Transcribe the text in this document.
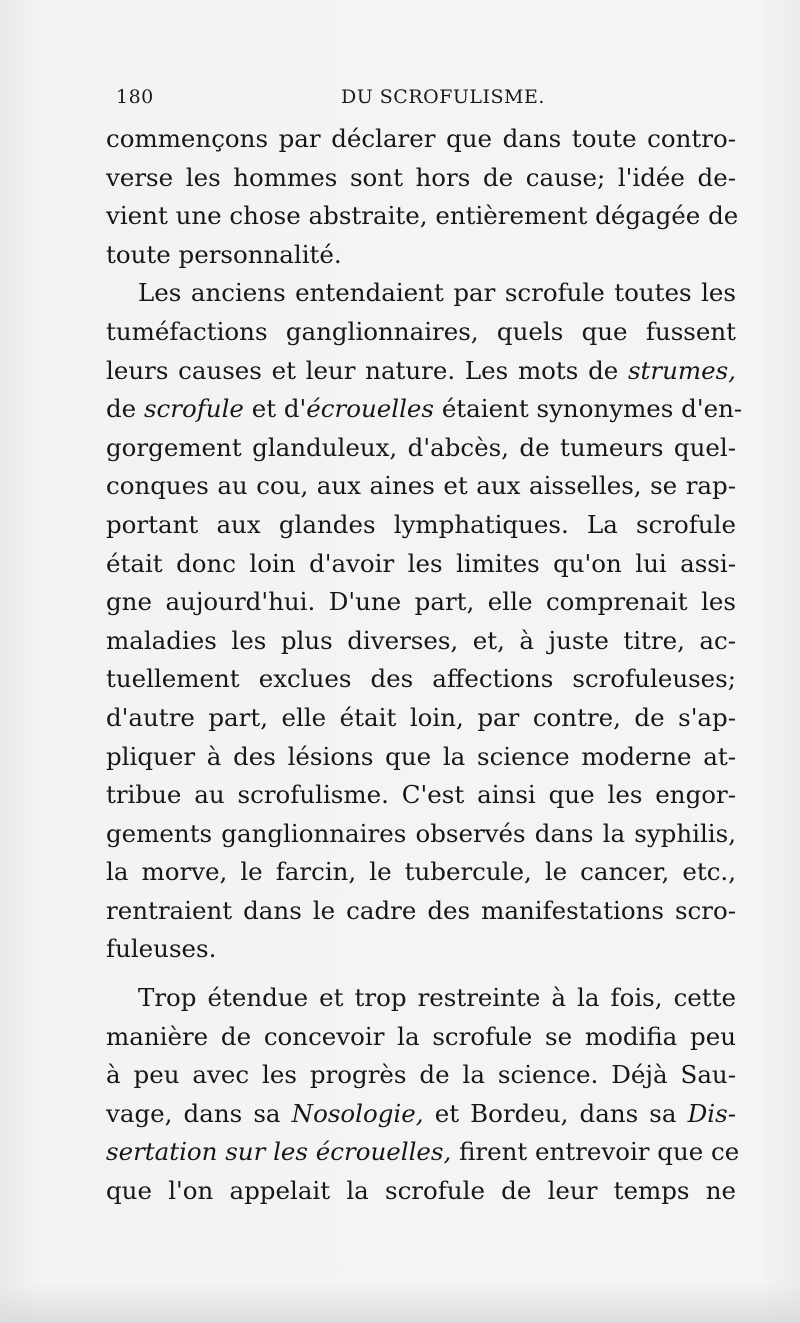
180	DU SCROFULISME.
commençons par déclarer que dans toute contro-
verse les hommes sont hors de cause; l'idée de-
vient une chose abstraite, entièrement dégagée de
toute personnalité.
Les anciens entendaient par scrofule toutes les
tuméfactions ganglionnaires, quels que fussent
leurs causes et leur nature. Les mots de strumes,
de scrofule et d'écrouelles étaient synonymes d'en-
gorgement glanduleux, d'abcès, de tumeurs quel-
conques au cou, aux aines et aux aisselles, se rap-
portant aux glandes lymphatiques. La scrofule
était donc loin d'avoir les limites qu'on lui assi-
gne aujourd'hui. D'une part, elle comprenait les
maladies les plus diverses, et, à juste titre, ac-
tuellement exclues des affections scrofuleuses;
d'autre part, elle était loin, par contre, de s'ap-
pliquer à des lésions que la science moderne at-
tribue au scrofulisme. C'est ainsi que les engor-
gements ganglionnaires observés dans la syphilis,
la morve, le farcin, le tubercule, le cancer, etc.,
rentraient dans le cadre des manifestations scro-
fuleuses.
Trop étendue et trop restreinte à la fois, cette
manière de concevoir la scrofule se modifia peu
à peu avec les progrès de la science. Déjà Sau-
vage, dans sa Nosologie, et Bordeu, dans sa Dis-
sertation sur les écrouelles, firent entrevoir que ce
que l'on appelait la scrofule de leur temps ne
